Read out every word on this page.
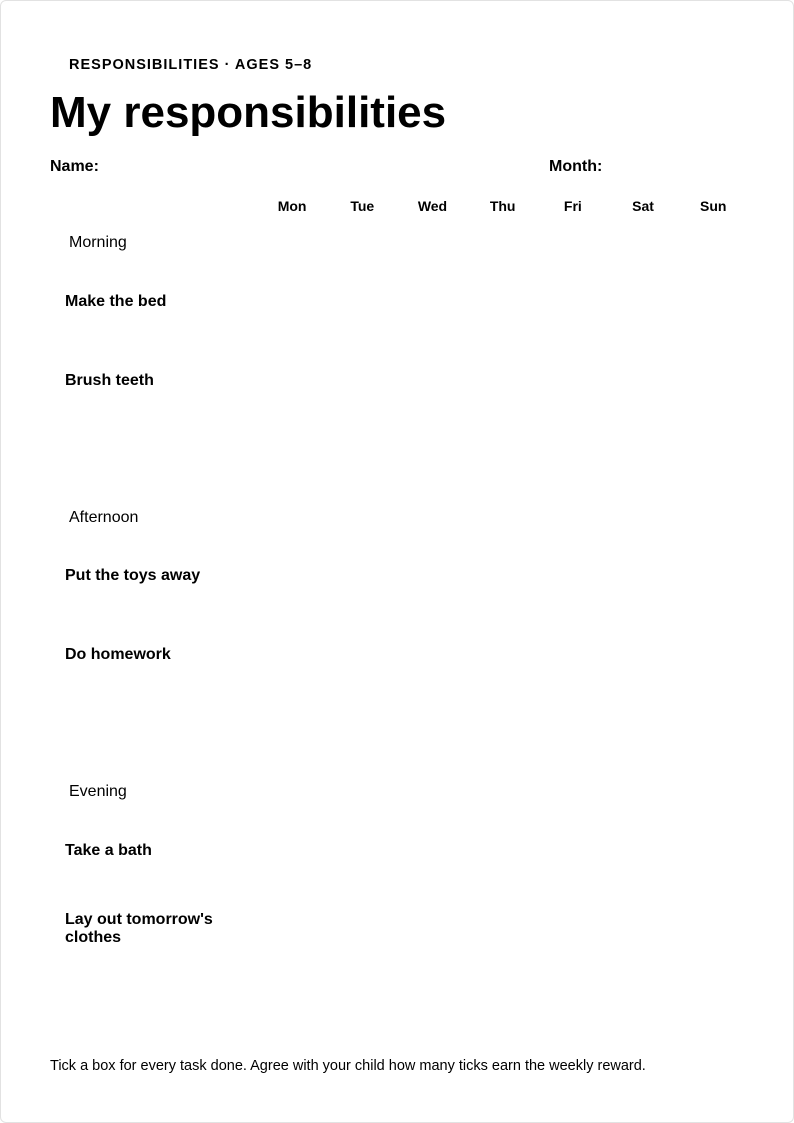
RESPONSIBILITIES · AGES 5–8
My responsibilities
Name:	Month:
Mon	Tue	Wed	Thu	Fri	Sat	Sun
Morning
Make the bed
Brush teeth
Afternoon
Put the toys away
Do homework
Evening
Take a bath
Lay out tomorrow's clothes
Tick a box for every task done. Agree with your child how many ticks earn the weekly reward.
